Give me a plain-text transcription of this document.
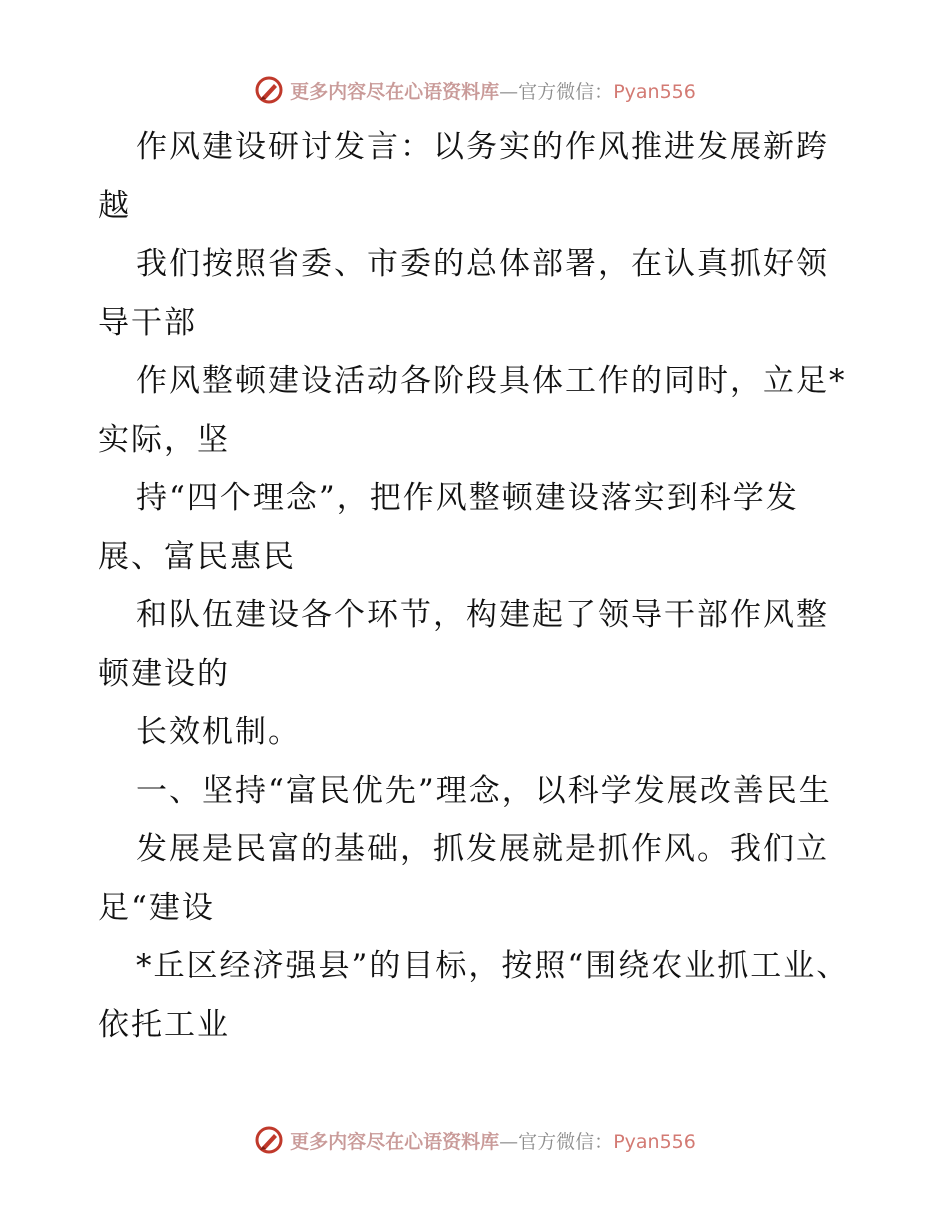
更多内容尽在心语资料库—官方微信：Pyan556

作风建设研讨发言：以务实的作风推进发展新跨越

我们按照省委、市委的总体部署，在认真抓好领导干部

作风整顿建设活动各阶段具体工作的同时，立足*实际，坚

持“四个理念”，把作风整顿建设落实到科学发展、富民惠民

和队伍建设各个环节，构建起了领导干部作风整顿建设的

长效机制。

一、坚持“富民优先”理念，以科学发展改善民生

发展是民富的基础，抓发展就是抓作风。我们立足“建设

*丘区经济强县”的目标，按照“围绕农业抓工业、依托工业

更多内容尽在心语资料库—官方微信：Pyan556
